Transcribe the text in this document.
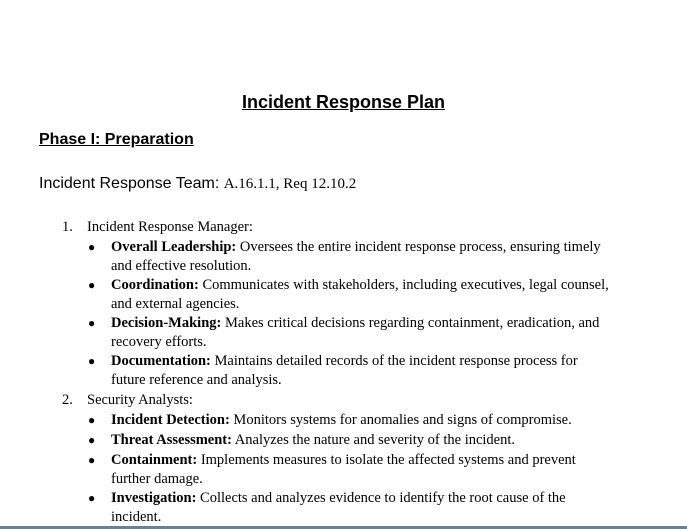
Incident Response Plan
Phase I: Preparation
Incident Response Team: A.16.1.1, Req 12.10.2
1. Incident Response Manager:
● Overall Leadership: Oversees the entire incident response process, ensuring timely
and effective resolution.
● Coordination: Communicates with stakeholders, including executives, legal counsel,
and external agencies.
● Decision-Making: Makes critical decisions regarding containment, eradication, and
recovery efforts.
● Documentation: Maintains detailed records of the incident response process for
future reference and analysis.
2. Security Analysts:
● Incident Detection: Monitors systems for anomalies and signs of compromise.
● Threat Assessment: Analyzes the nature and severity of the incident.
● Containment: Implements measures to isolate the affected systems and prevent
further damage.
● Investigation: Collects and analyzes evidence to identify the root cause of the
incident.
